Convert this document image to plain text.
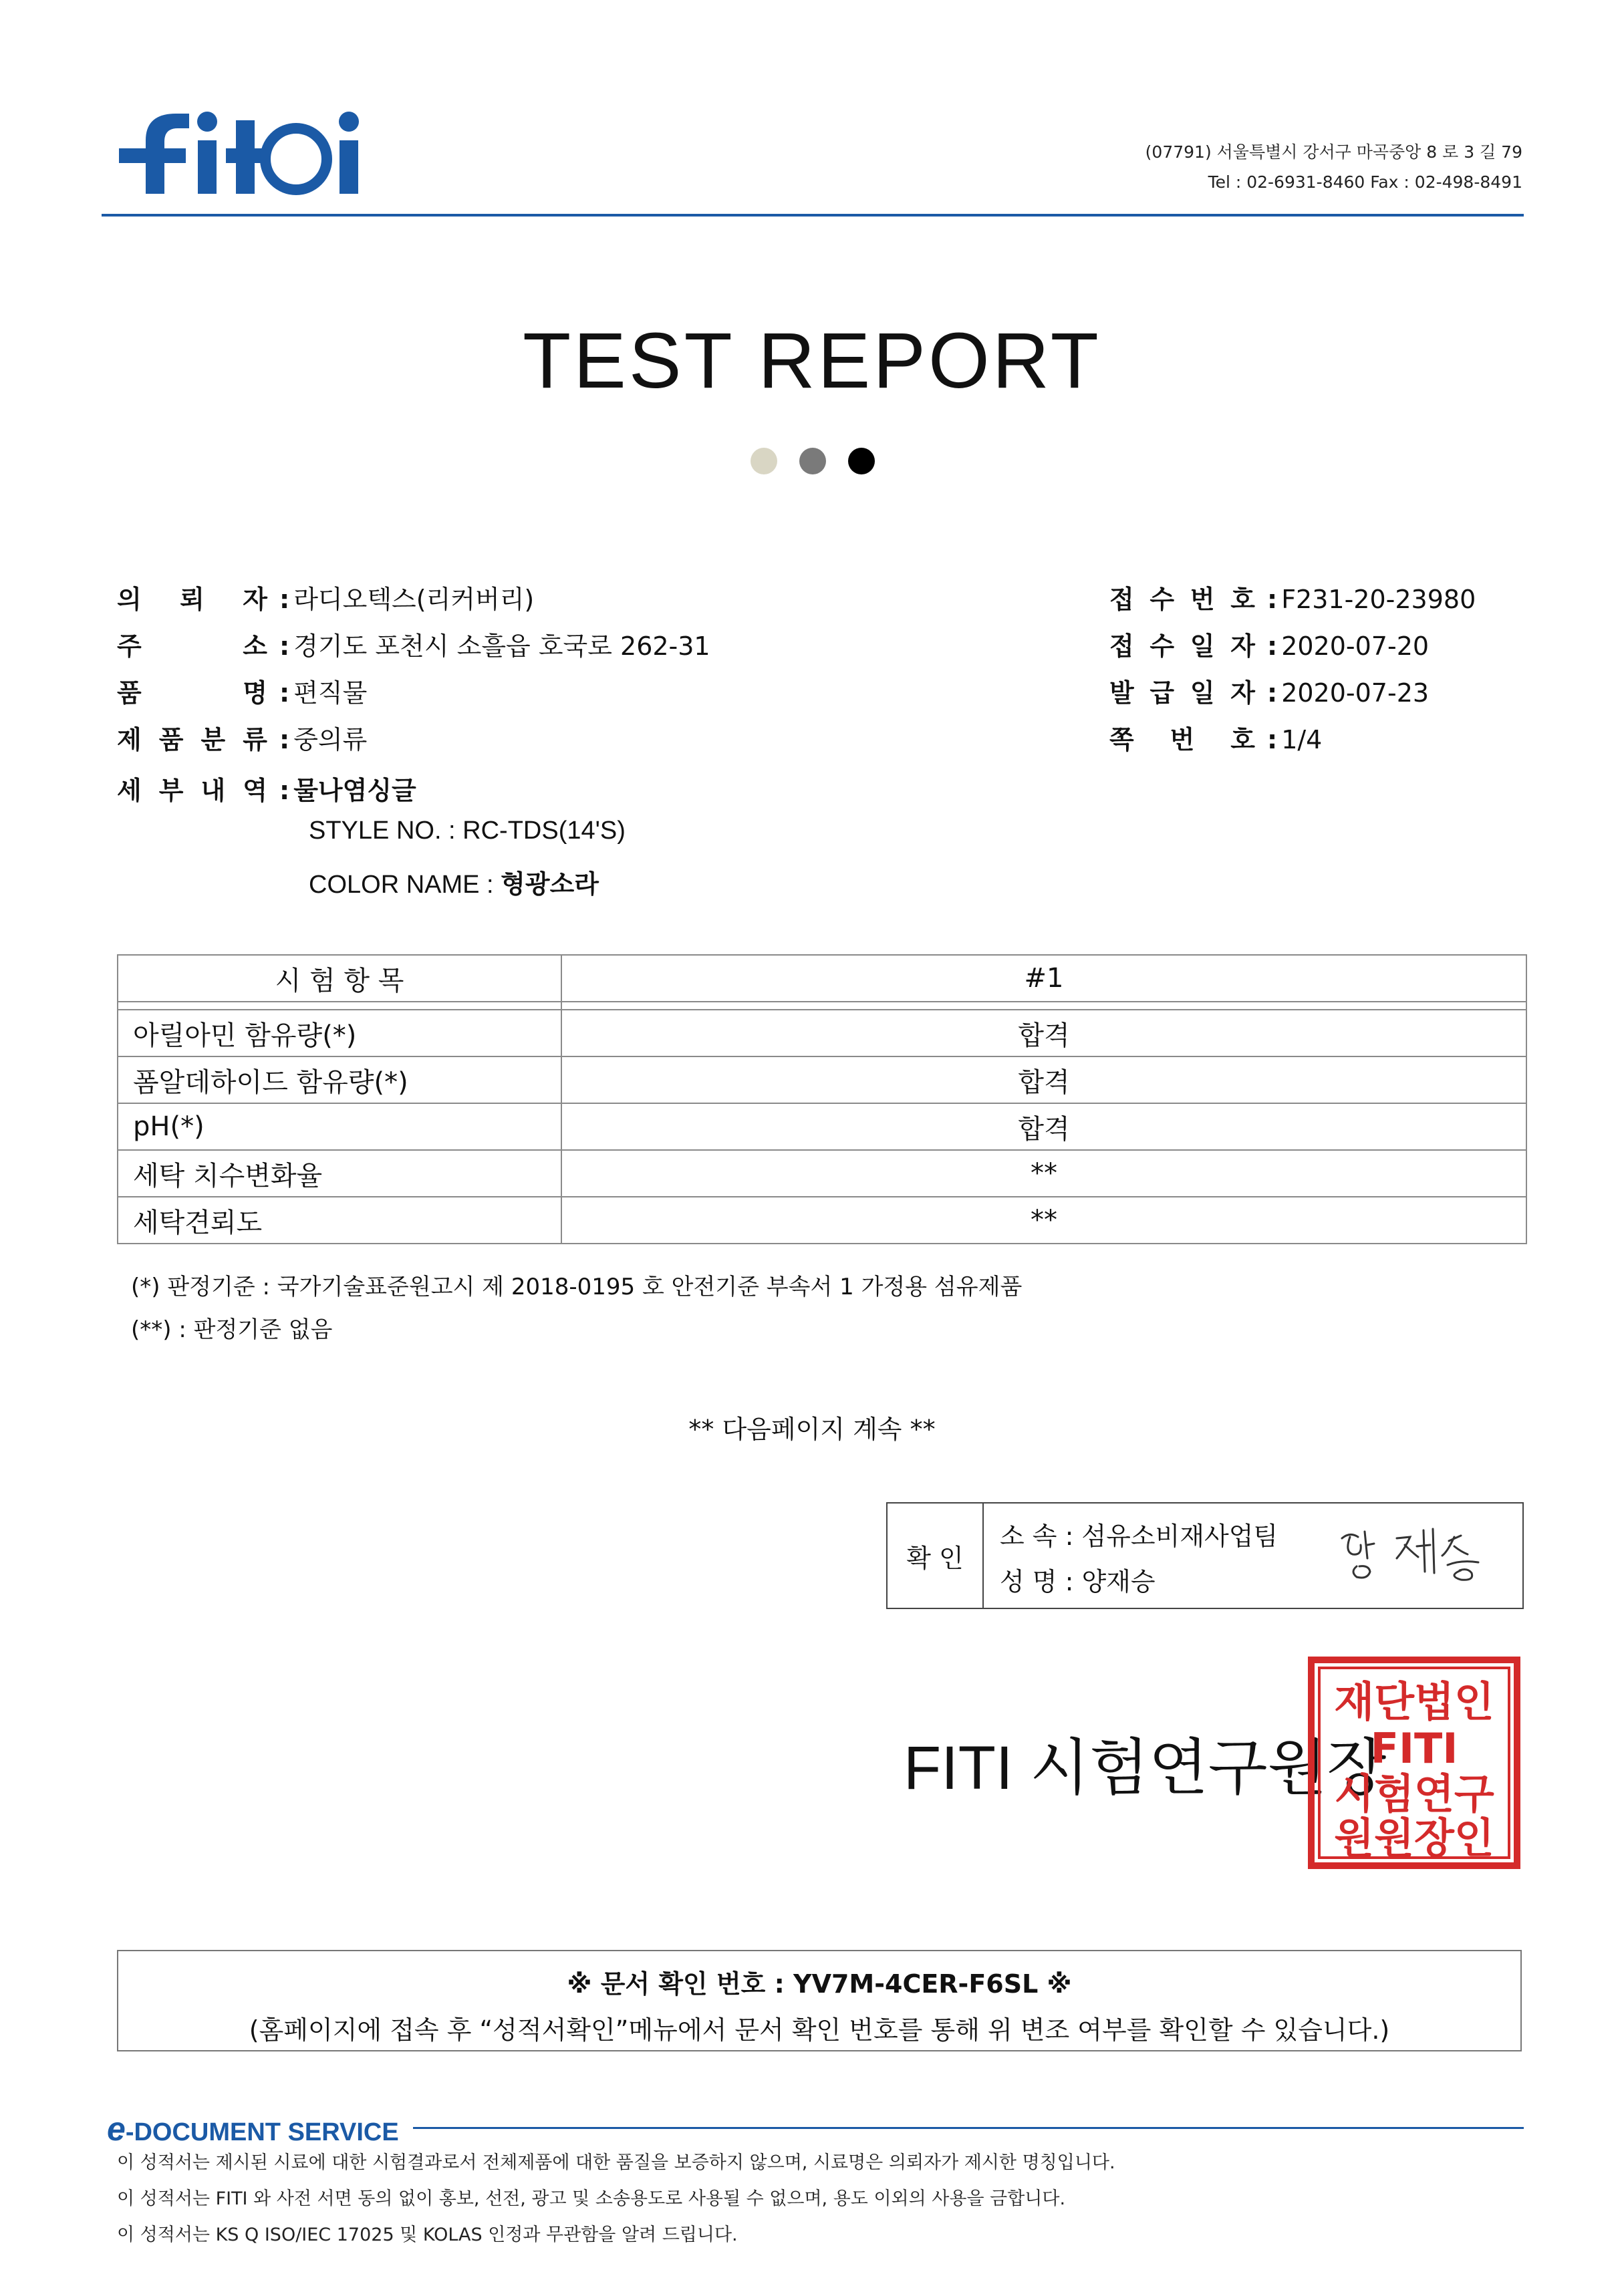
fiti
(07791) 서울특별시 강서구 마곡중앙 8 로 3 길 79
Tel : 02-6931-8460 Fax : 02-498-8491
TEST REPORT
의 뢰 자 : 라디오텍스(리커버리)
주	소 : 경기도 포천시 소흘읍 호국로 262-31
품	명 : 편직물
제 품 분 류 : 중의류
접 수 번 호 : F231-20-23980
접 수 일 자 : 2020-07-20
발 급 일 자 : 2020-07-23
쪽 번 호 : 1/4
세 부 내 역 : 물나염싱글
STYLE NO. : RC-TDS(14'S)
COLOR NAME : 형광소라
시 험 항 목	#1

아릴아민 함유량(*)	합격
폼알데하이드 함유량(*)	합격
pH(*)	합격
세탁 치수변화율	**
세탁견뢰도	**
(*) 판정기준 : 국가기술표준원고시 제 2018-0195 호 안전기준 부속서 1 가정용 섬유제품
(**) : 판정기준 없음
** 다음페이지 계속 **
확 인
소 속 : 섬유소비재사업팀
성 명 : 양재승
양 재승
FITI 시험연구원장
재단법인
FITI
시험연구
원원장인
※ 문서 확인 번호 : YV7M-4CER-F6SL ※
(홈페이지에 접속 후 “성적서확인”메뉴에서 문서 확인 번호를 통해 위 변조 여부를 확인할 수 있습니다.)
e-DOCUMENT SERVICE
이 성적서는 제시된 시료에 대한 시험결과로서 전체제품에 대한 품질을 보증하지 않으며, 시료명은 의뢰자가 제시한 명칭입니다.
이 성적서는 FITI 와 사전 서면 동의 없이 홍보, 선전, 광고 및 소송용도로 사용될 수 없으며, 용도 이외의 사용을 금합니다.
이 성적서는 KS Q ISO/IEC 17025 및 KOLAS 인정과 무관함을 알려 드립니다.
